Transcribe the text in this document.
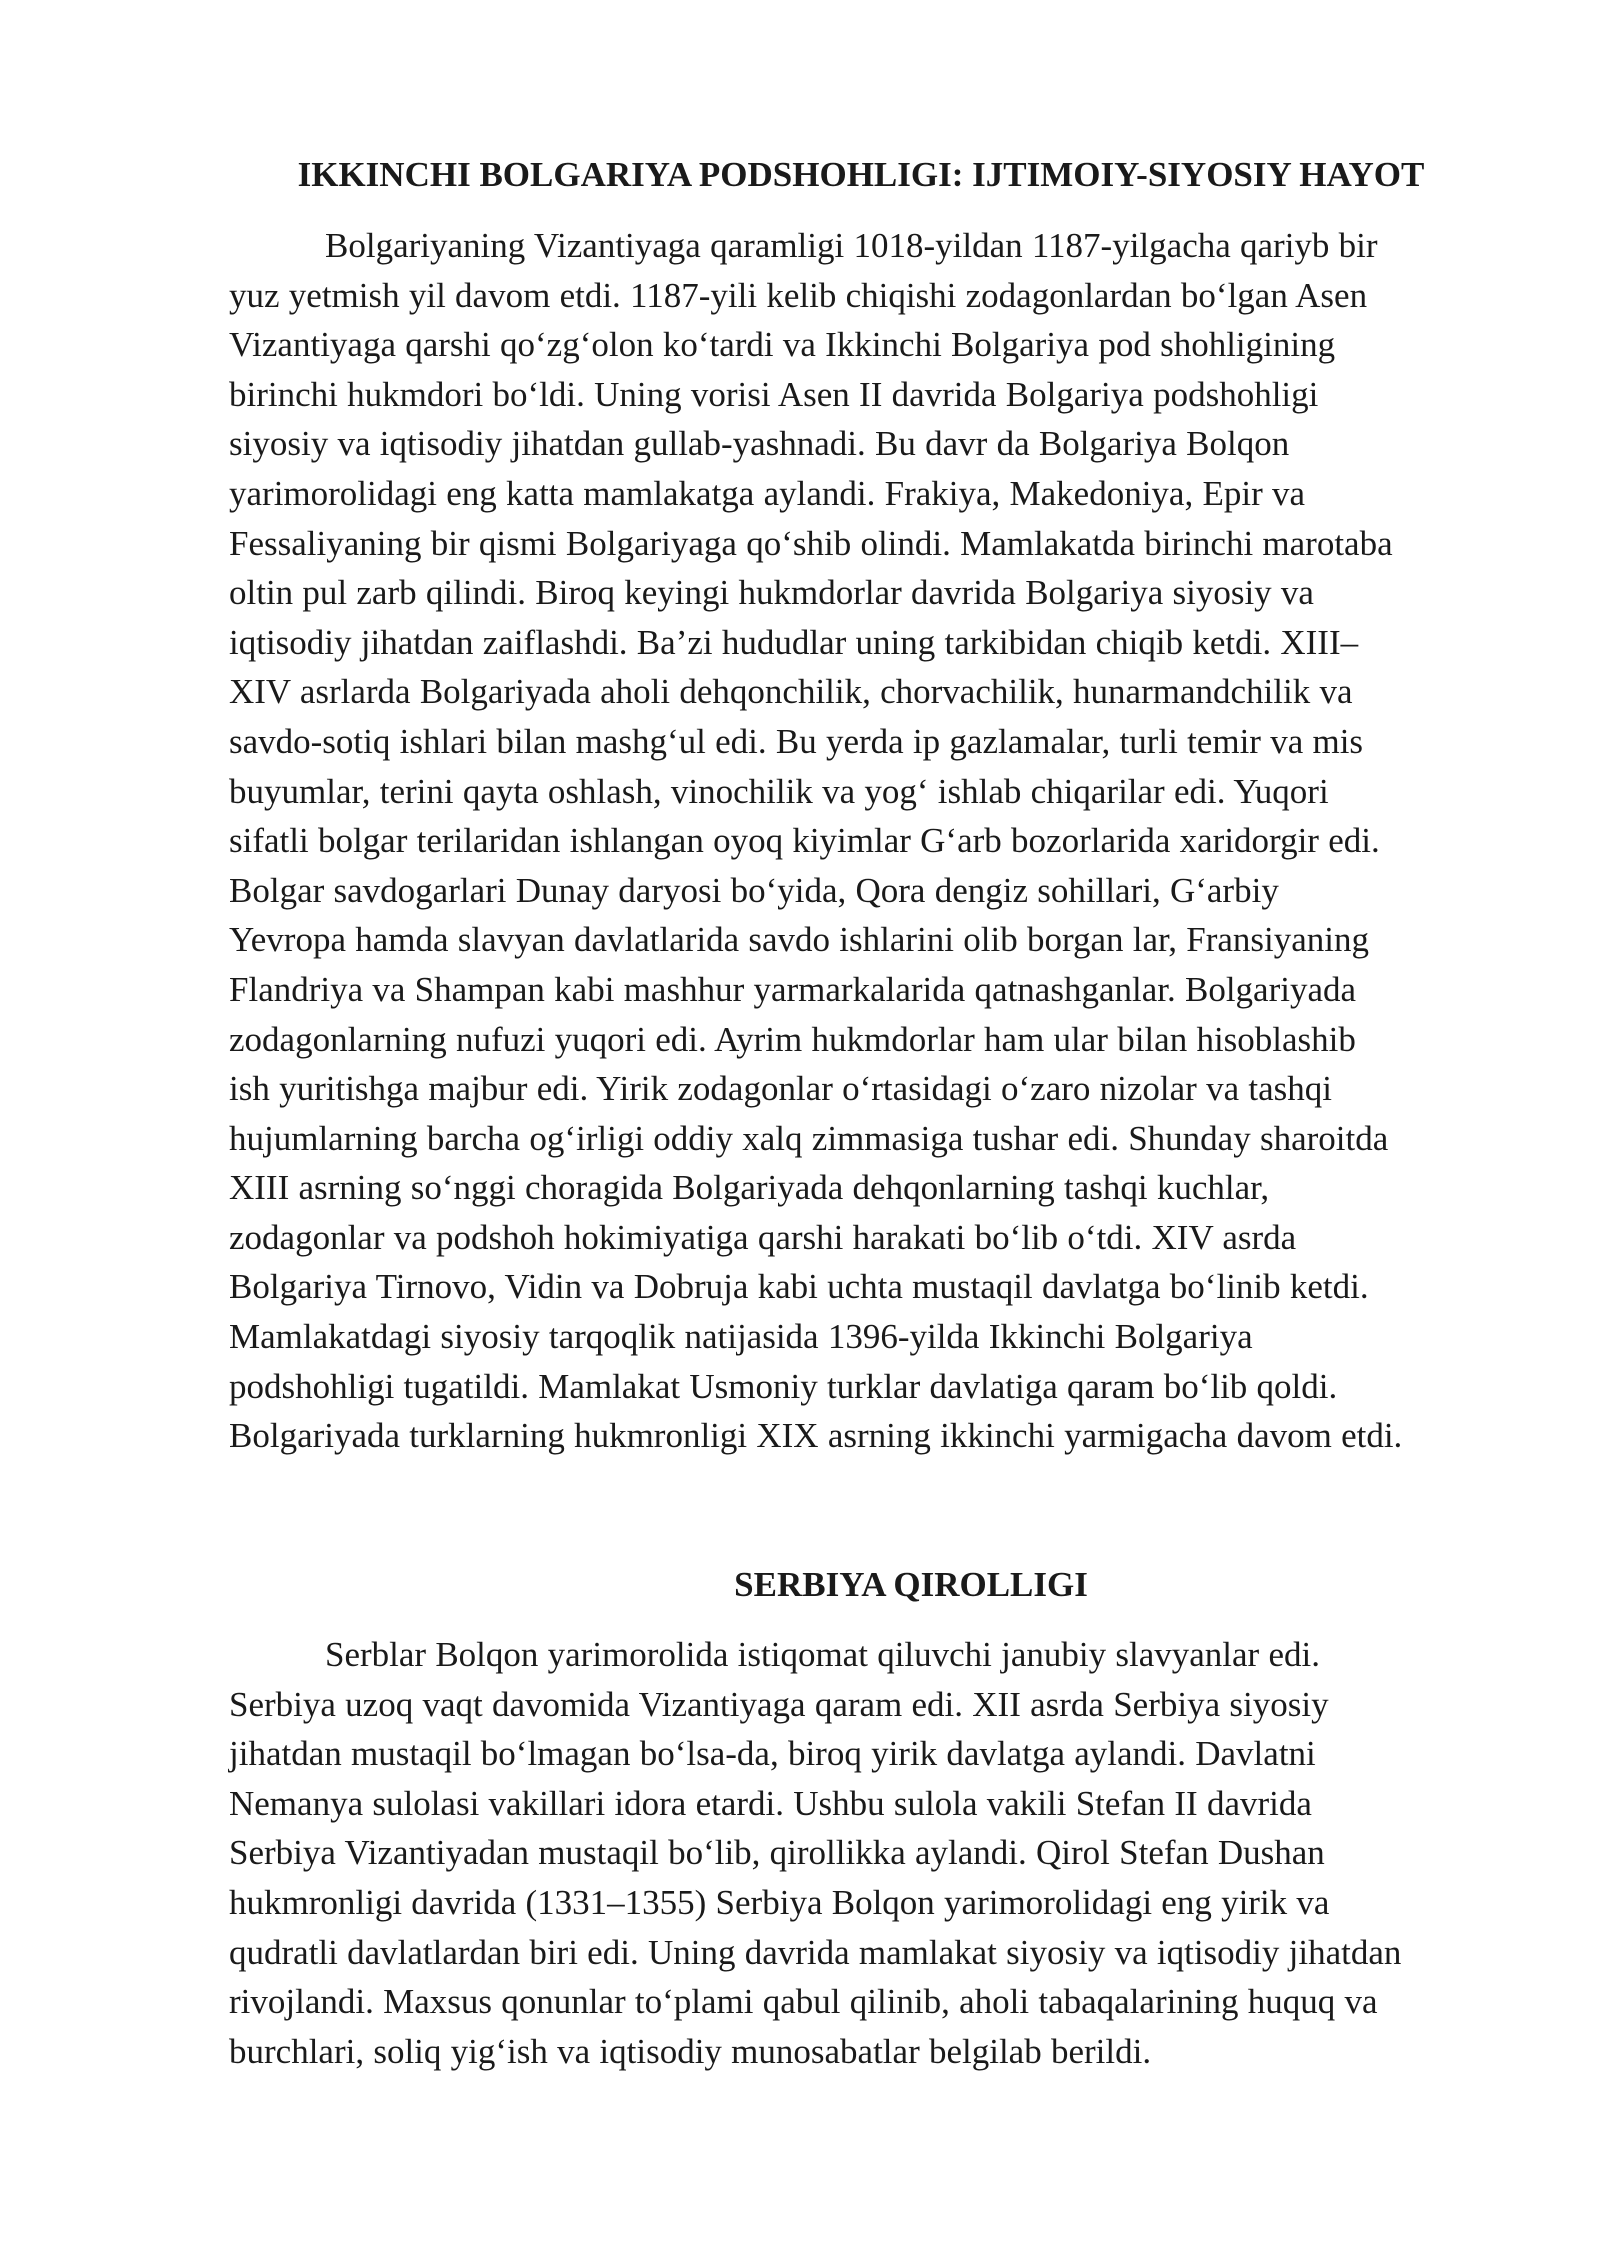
IKKINCHI BOLGARIYA PODSHOHLIGI: IJTIMOIY-SIYOSIY HAYOT
Bolgariyaning Vizantiyaga qaramligi 1018-yildan 1187-yilgacha qariyb bir
yuz yetmish yil davom etdi. 1187-yili kelib chiqishi zodagonlardan bo‘lgan Asen
Vizantiyaga qarshi qo‘zg‘olon ko‘tardi va Ikkinchi Bolgariya pod shohligining
birinchi hukmdori bo‘ldi. Uning vorisi Asen II davrida Bolgariya podshohligi
siyosiy va iqtisodiy jihatdan gullab-yashnadi. Bu davr da Bolgariya Bolqon
yarimorolidagi eng katta mamlakatga aylandi. Frakiya, Makedoniya, Epir va
Fessaliyaning bir qismi Bolgariyaga qo‘shib olindi. Mamlakatda birinchi marotaba
oltin pul zarb qilindi. Biroq keyingi hukmdorlar davrida Bolgariya siyosiy va
iqtisodiy jihatdan zaiflashdi. Ba’zi hududlar uning tarkibidan chiqib ketdi. XIII–
XIV asrlarda Bolgariyada aholi dehqonchilik, chorvachilik, hunarmandchilik va
savdo-sotiq ishlari bilan mashg‘ul edi. Bu yerda ip gazlamalar, turli temir va mis
buyumlar, terini qayta oshlash, vinochilik va yog‘ ishlab chiqarilar edi. Yuqori
sifatli bolgar terilaridan ishlangan oyoq kiyimlar G‘arb bozorlarida xaridorgir edi.
Bolgar savdogarlari Dunay daryosi bo‘yida, Qora dengiz sohillari, G‘arbiy
Yevropa hamda slavyan davlatlarida savdo ishlarini olib borgan lar, Fransiyaning
Flandriya va Shampan kabi mashhur yarmarkalarida qatnashganlar. Bolgariyada
zodagonlarning nufuzi yuqori edi. Ayrim hukmdorlar ham ular bilan hisoblashib
ish yuritishga majbur edi. Yirik zodagonlar o‘rtasidagi o‘zaro nizolar va tashqi
hujumlarning barcha og‘irligi oddiy xalq zimmasiga tushar edi. Shunday sharoitda
XIII asrning so‘nggi choragida Bolgariyada dehqonlarning tashqi kuchlar,
zodagonlar va podshoh hokimiyatiga qarshi harakati bo‘lib o‘tdi. XIV asrda
Bolgariya Tirnovo, Vidin va Dobruja kabi uchta mustaqil davlatga bo‘linib ketdi.
Mamlakatdagi siyosiy tarqoqlik natijasida 1396-yilda Ikkinchi Bolgariya
podshohligi tugatildi. Mamlakat Usmoniy turklar davlatiga qaram bo‘lib qoldi.
Bolgariyada turklarning hukmronligi XIX asrning ikkinchi yarmigacha davom etdi.
SERBIYA QIROLLIGI
Serblar Bolqon yarimorolida istiqomat qiluvchi janubiy slavyanlar edi.
Serbiya uzoq vaqt davomida Vizantiyaga qaram edi. XII asrda Serbiya siyosiy
jihatdan mustaqil bo‘lmagan bo‘lsa-da, biroq yirik davlatga aylandi. Davlatni
Nemanya sulolasi vakillari idora etardi. Ushbu sulola vakili Stefan II davrida
Serbiya Vizantiyadan mustaqil bo‘lib, qirollikka aylandi. Qirol Stefan Dushan
hukmronligi davrida (1331–1355) Serbiya Bolqon yarimorolidagi eng yirik va
qudratli davlatlardan biri edi. Uning davrida mamlakat siyosiy va iqtisodiy jihatdan
rivojlandi. Maxsus qonunlar to‘plami qabul qilinib, aholi tabaqalarining huquq va
burchlari, soliq yig‘ish va iqtisodiy munosabatlar belgilab berildi.
